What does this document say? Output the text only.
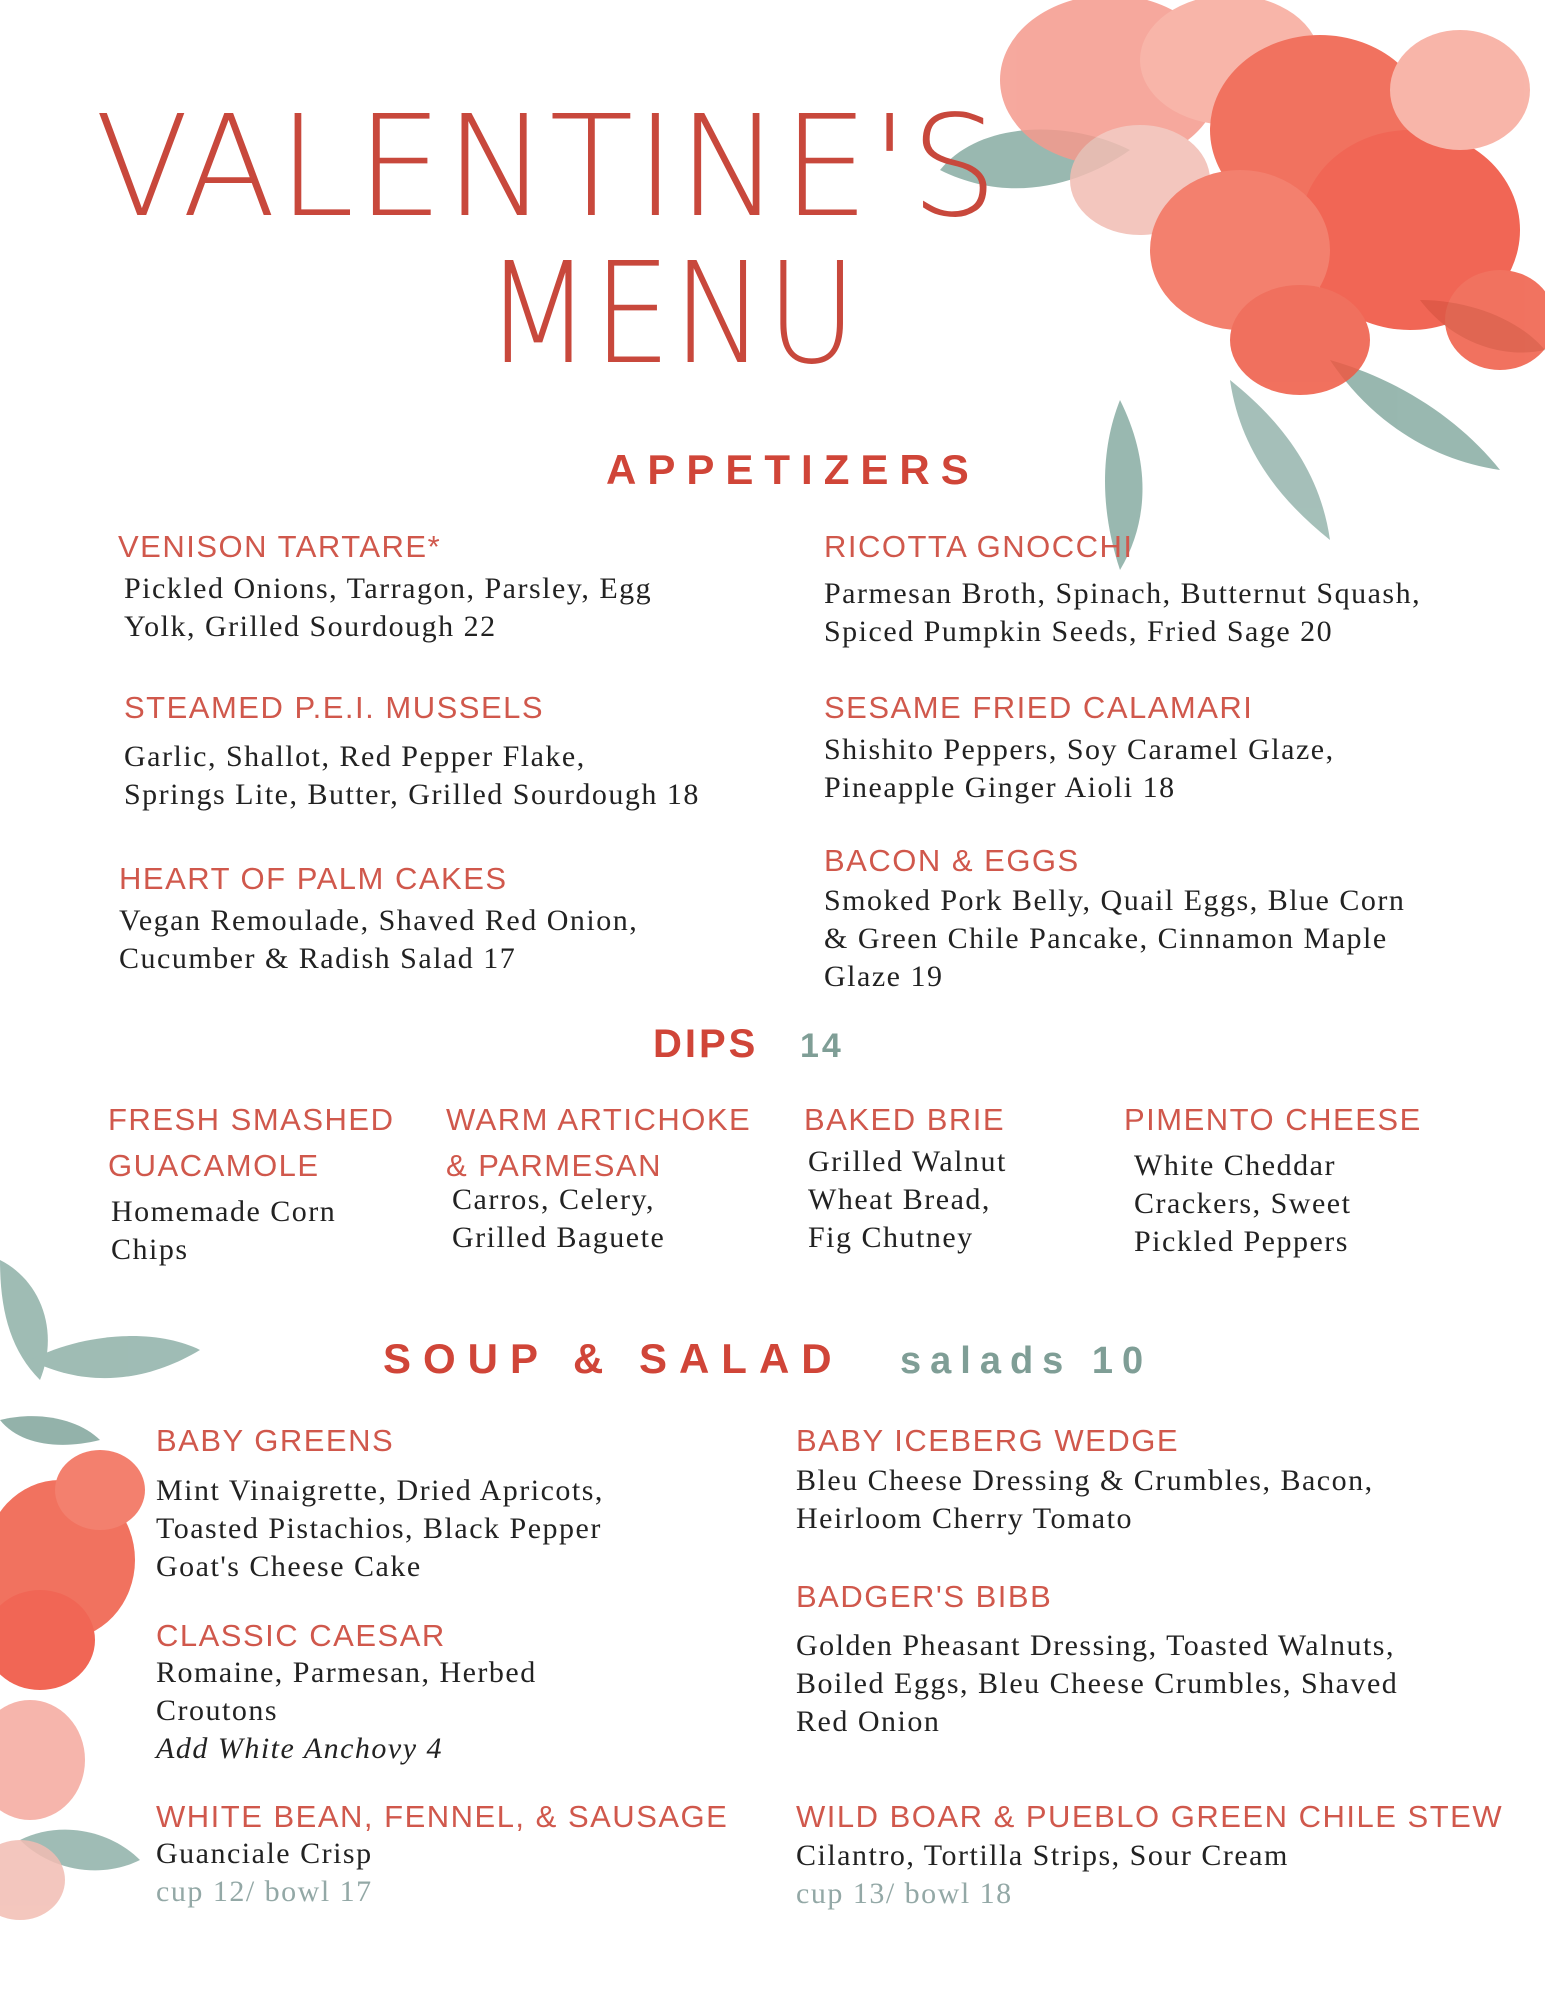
VALENTINE'S
MENU
APPETIZERS
VENISON TARTARE*
Pickled Onions, Tarragon, Parsley, Egg
Yolk, Grilled Sourdough 22
RICOTTA GNOCCHI
Parmesan Broth, Spinach, Butternut Squash,
Spiced Pumpkin Seeds, Fried Sage 20
STEAMED P.E.I. MUSSELS
Garlic, Shallot, Red Pepper Flake,
Springs Lite, Butter, Grilled Sourdough 18
SESAME FRIED CALAMARI
Shishito Peppers, Soy Caramel Glaze,
Pineapple Ginger Aioli 18
HEART OF PALM CAKES
Vegan Remoulade, Shaved Red Onion,
Cucumber & Radish Salad 17
BACON & EGGS
Smoked Pork Belly, Quail Eggs, Blue Corn
& Green Chile Pancake, Cinnamon Maple
Glaze 19
DIPS 14
FRESH SMASHED
GUACAMOLE
Homemade Corn
Chips
WARM ARTICHOKE
& PARMESAN
Carros, Celery,
Grilled Baguete
BAKED BRIE
Grilled Walnut
Wheat Bread,
Fig Chutney
PIMENTO CHEESE
White Cheddar
Crackers, Sweet
Pickled Peppers
SOUP & SALAD salads 10
BABY GREENS
Mint Vinaigrette, Dried Apricots,
Toasted Pistachios, Black Pepper
Goat's Cheese Cake
BABY ICEBERG WEDGE
Bleu Cheese Dressing & Crumbles, Bacon,
Heirloom Cherry Tomato
CLASSIC CAESAR
Romaine, Parmesan, Herbed
Croutons
Add White Anchovy 4
BADGER'S BIBB
Golden Pheasant Dressing, Toasted Walnuts,
Boiled Eggs, Bleu Cheese Crumbles, Shaved
Red Onion
WHITE BEAN, FENNEL, & SAUSAGE
Guanciale Crisp
cup 12/ bowl 17
WILD BOAR & PUEBLO GREEN CHILE STEW
Cilantro, Tortilla Strips, Sour Cream
cup 13/ bowl 18
